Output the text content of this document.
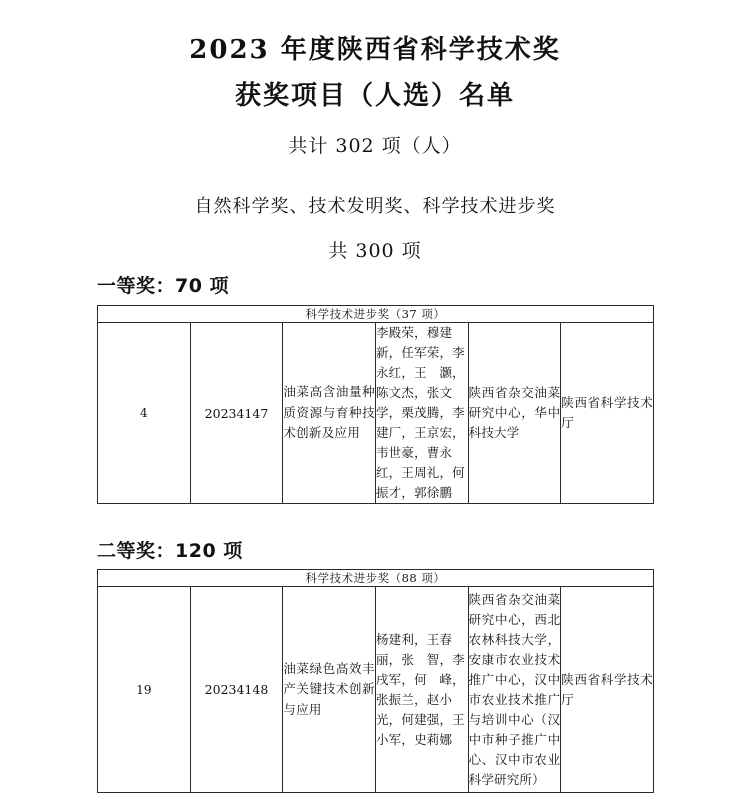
2023 年度陕西省科学技术奖
获奖项目（人选）名单
共计 302 项（人）
自然科学奖、技术发明奖、科学技术进步奖
共 300 项
一等奖：70 项
科学技术进步奖（37 项）
4	20234147	油菜高含油量种质资源与育种技术创新及应用	李殿荣，穆建新，任军荣，李永红，王　灏，陈文杰，张文学，栗茂腾，李建厂，王京宏，韦世豪，曹永红，王周礼，何振才，郭徐鹏	陕西省杂交油菜研究中心，华中科技大学	陕西省科学技术厅
二等奖：120 项
科学技术进步奖（88 项）
19	20234148	油菜绿色高效丰产关键技术创新与应用	杨建利，王春丽，张　智，李戌军，何　峰，张振兰，赵小光，何建强，王小军，史莉娜	陕西省杂交油菜研究中心，西北农林科技大学，安康市农业技术推广中心，汉中市农业技术推广与培训中心（汉中市种子推广中心、汉中市农业科学研究所）	陕西省科学技术厅
